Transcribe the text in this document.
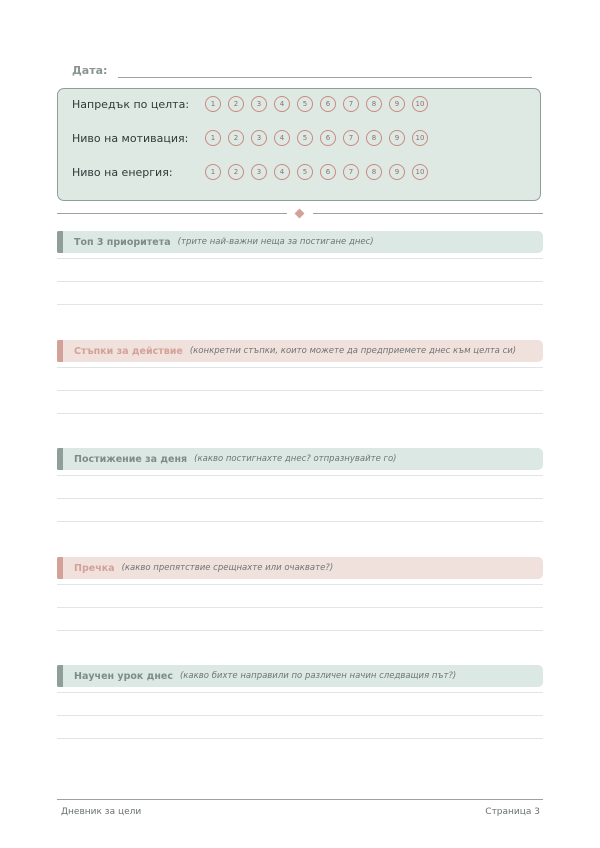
Дата:
Напредък по целта:	1	2	3	4	5	6	7	8	9	10
Ниво на мотивация:	1	2	3	4	5	6	7	8	9	10
Ниво на енергия:	1	2	3	4	5	6	7	8	9	10
Топ 3 приоритета (трите най-важни неща за постигане днес)
Стъпки за действие (конкретни стъпки, които можете да предприемете днес към целта си)
Постижение за деня (какво постигнахте днес? отпразнувайте го)
Пречка (какво препятствие срещнахте или очаквате?)
Научен урок днес (какво бихте направили по различен начин следващия път?)
Дневник за цели	Страница 3
